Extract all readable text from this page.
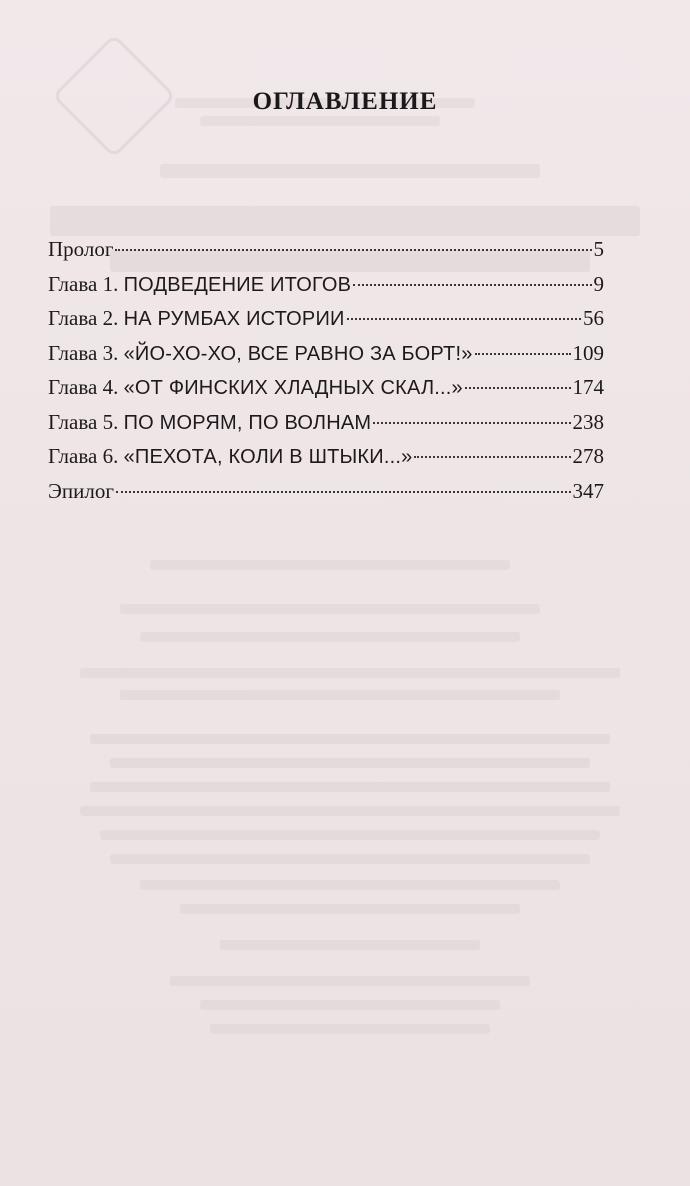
ОГЛАВЛЕНИЕ
Пролог	5
Глава 1. ПОДВЕДЕНИЕ ИТОГОВ	9
Глава 2. НА РУМБАХ ИСТОРИИ	56
Глава 3. «ЙО-ХО-ХО, ВСЕ РАВНО ЗА БОРТ!»	109
Глава 4. «ОТ ФИНСКИХ ХЛАДНЫХ СКАЛ...»	174
Глава 5. ПО МОРЯМ, ПО ВОЛНАМ	238
Глава 6. «ПЕХОТА, КОЛИ В ШТЫКИ...»	278
Эпилог	347
